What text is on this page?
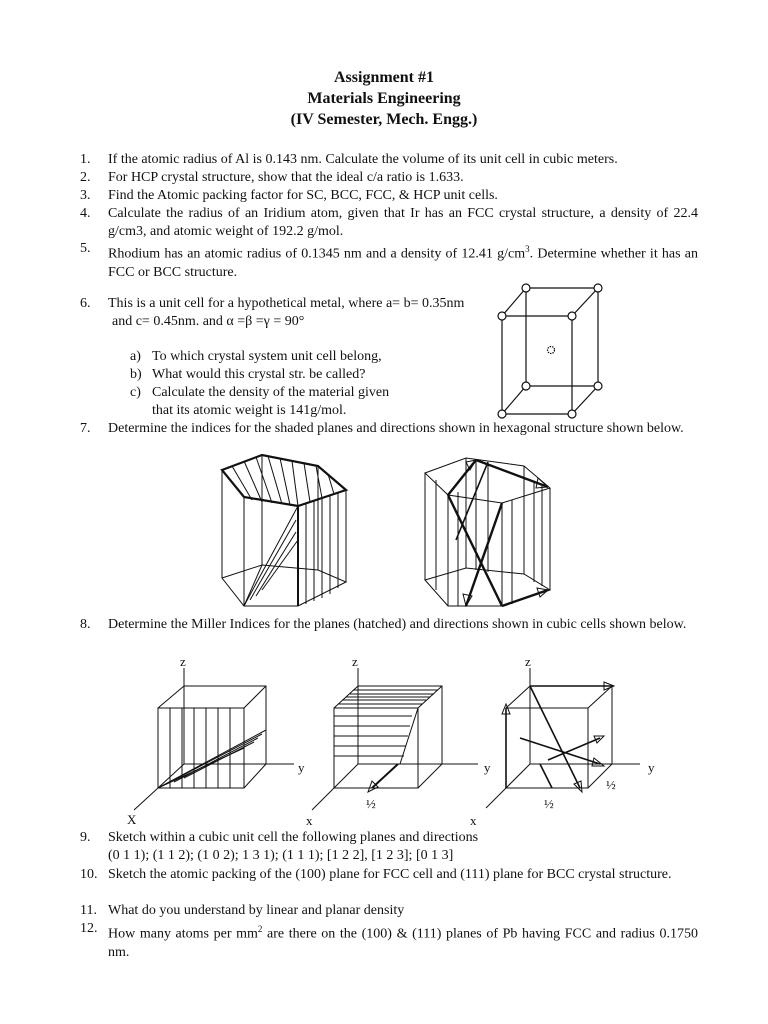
Assignment #1
Materials Engineering
(IV Semester, Mech. Engg.)
1.	If the atomic radius of Al is 0.143 nm. Calculate the volume of its unit cell in cubic meters.
2.	For HCP crystal structure, show that the ideal c/a ratio is 1.633.
3.	Find the Atomic packing factor for SC, BCC, FCC, & HCP unit cells.
4.	Calculate the radius of an Iridium atom, given that Ir has an FCC crystal structure, a density of 22.4 g/cm3, and atomic weight of 192.2 g/mol.
5.	Rhodium has an atomic radius of 0.1345 nm and a density of 12.41 $g/cm^3$. Determine whether it has an FCC or BCC structure.
6.	This is a unit cell for a hypothetical metal, where a= b= 0.35nm
and c= 0.45nm. and α =β =γ = 90°
a) To which crystal system unit cell belong,
b) What would this crystal str. be called?
c) Calculate the density of the material given
that its atomic weight is 141g/mol.
7.	Determine the indices for the shaded planes and directions shown in hexagonal structure shown below.
8.	Determine the Miller Indices for the planes (hatched) and directions shown in cubic cells shown below.
9.	Sketch within a cubic unit cell the following planes and directions
(0 1 1); (1 1 2); (1 0 2); 1 3 1); (1 1 1); [1 2 2], [1 2 3]; [0 1 3]
10. Sketch the atomic packing of the (100) plane for FCC cell and (111) plane for BCC crystal structure.
11. What do you understand by linear and planar density
12. How many atoms per $mm^2$ are there on the (100) & (111) planes of Pb having FCC and radius 0.1750 nm.
z	z	z
y	y	y
X	x	x
½	½
½
